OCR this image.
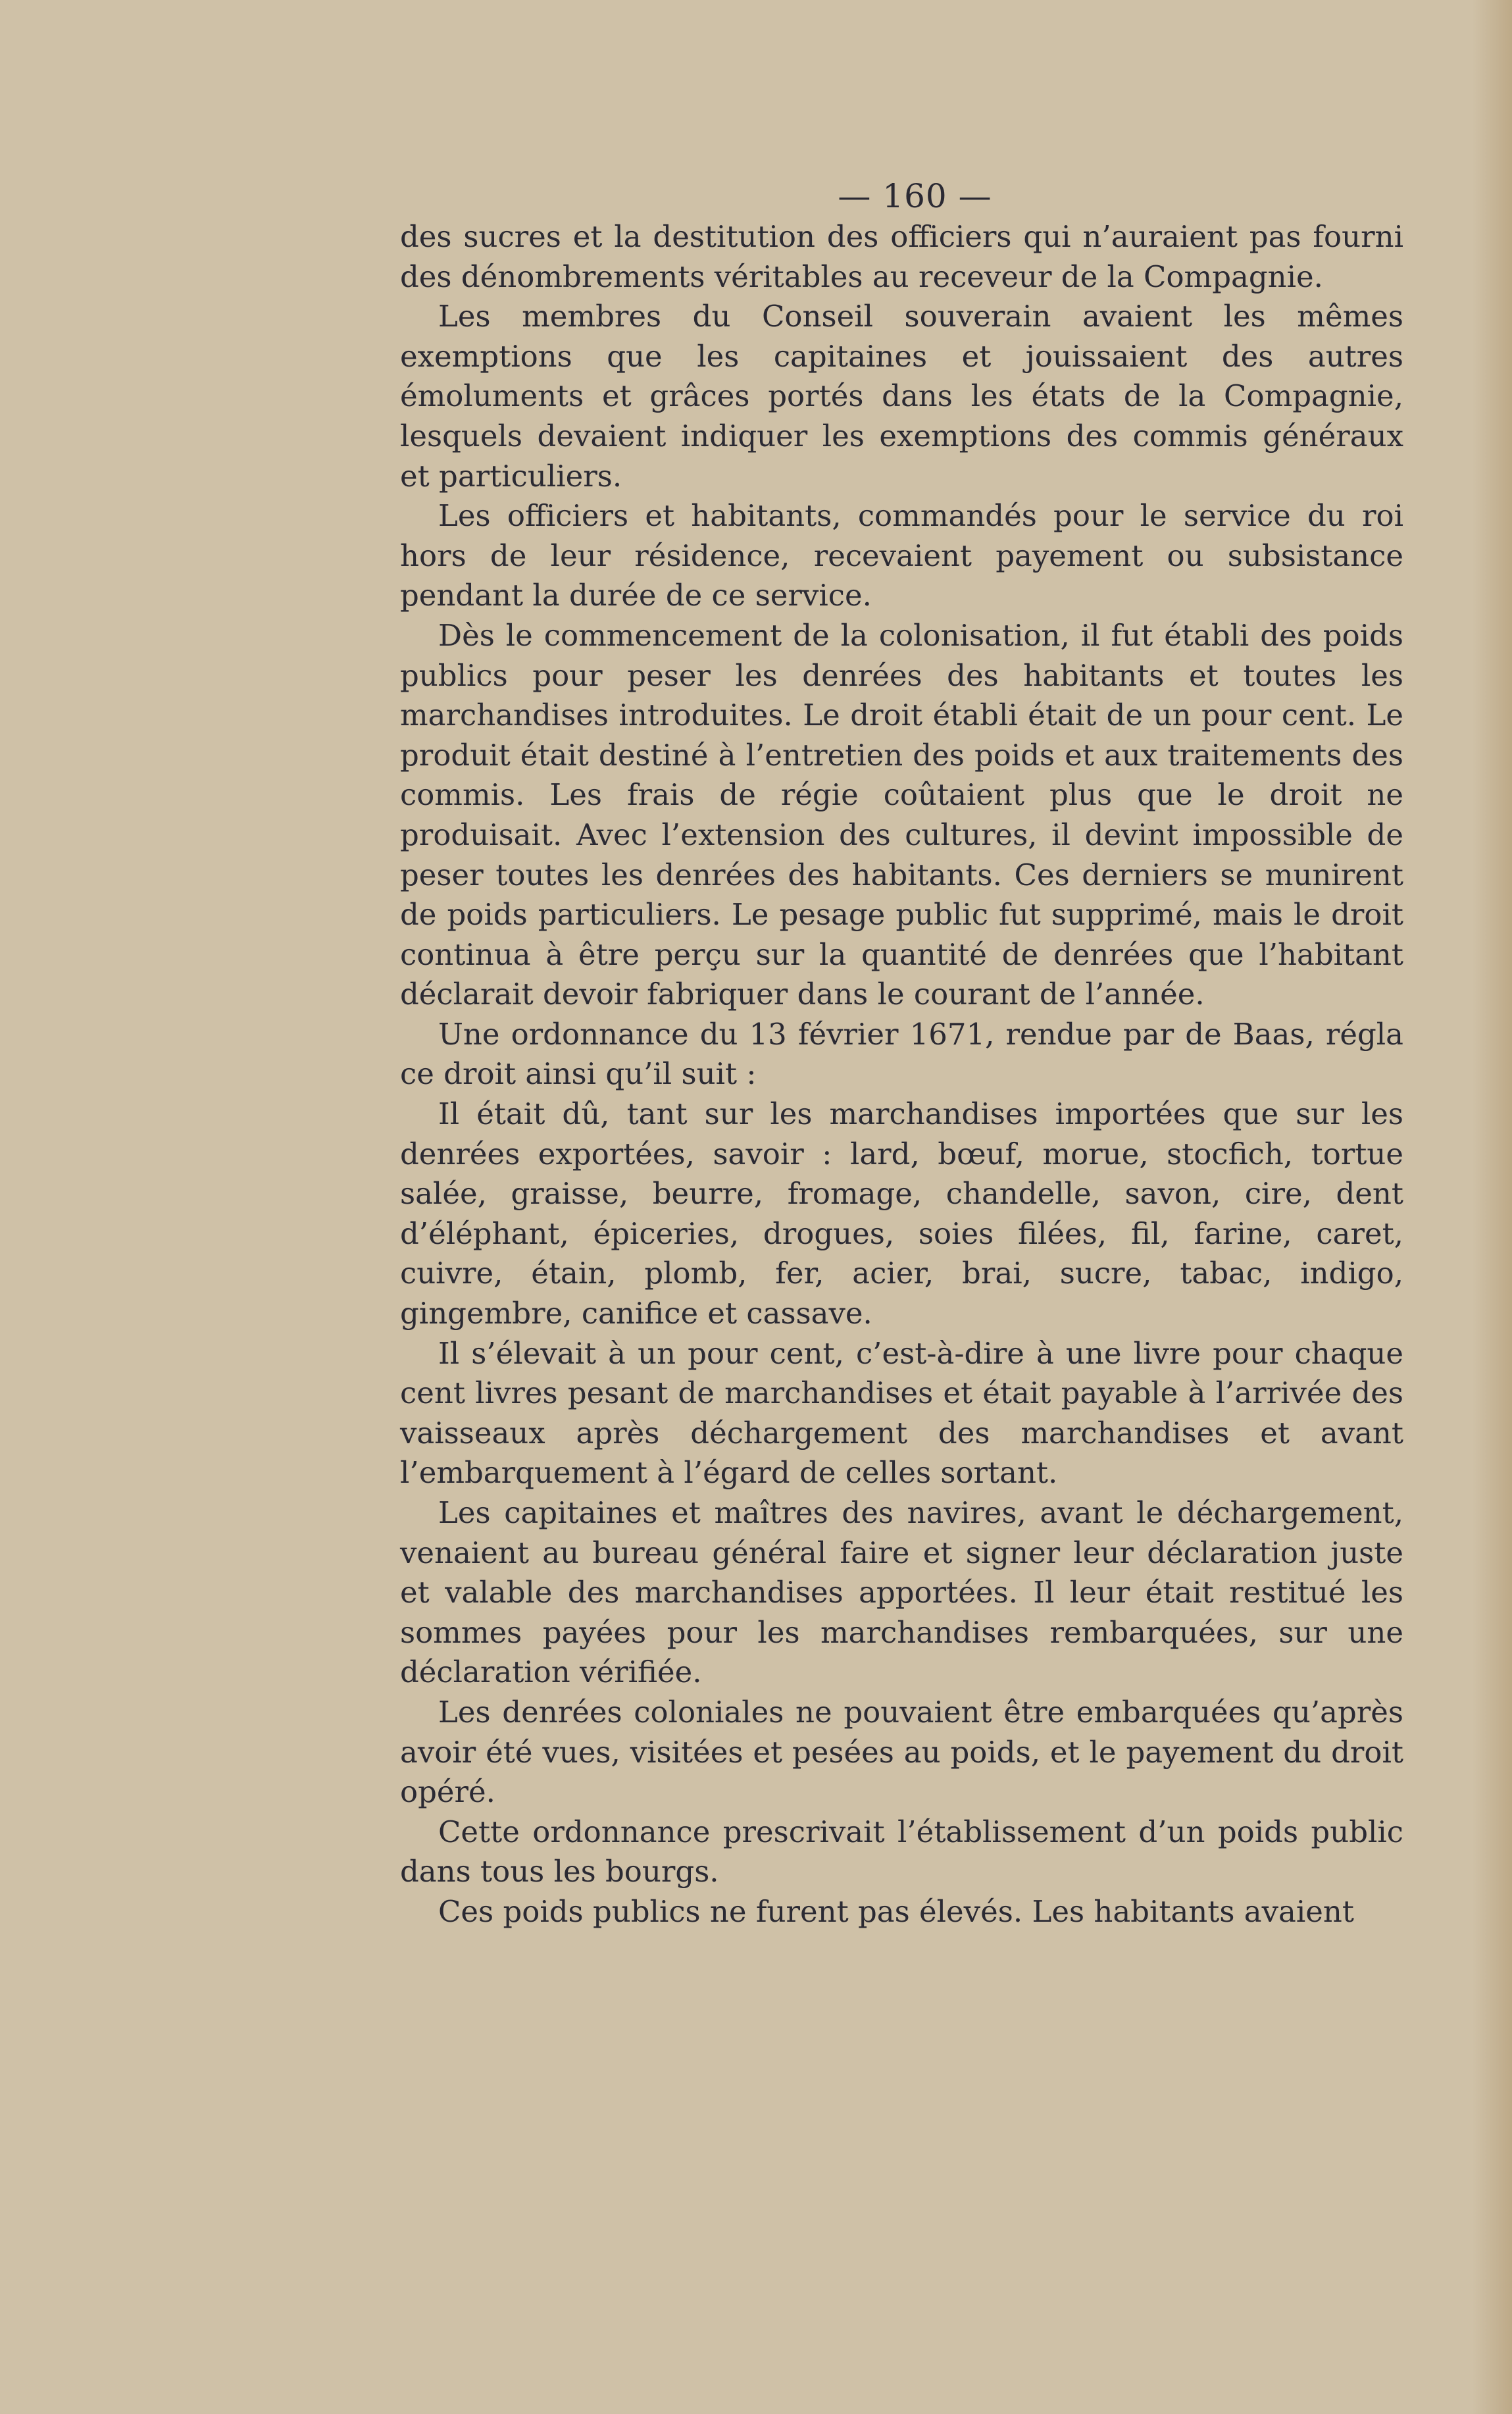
— 160 —

des sucres et la destitution des officiers qui n’auraient pas fourni des dénombrements véritables au receveur de la Compagnie.

Les membres du Conseil souverain avaient les mêmes exemptions que les capitaines et jouissaient des autres émoluments et grâces portés dans les états de la Compagnie, lesquels devaient indiquer les exemptions des commis généraux et particuliers.

Les officiers et habitants, commandés pour le service du roi hors de leur résidence, recevaient payement ou subsistance pendant la durée de ce service.

Dès le commencement de la colonisation, il fut établi des poids publics pour peser les denrées des habitants et toutes les marchandises introduites. Le droit établi était de un pour cent. Le produit était destiné à l’entretien des poids et aux traitements des commis. Les frais de régie coûtaient plus que le droit ne produisait. Avec l’extension des cultures, il devint impossible de peser toutes les denrées des habitants. Ces derniers se munirent de poids particuliers. Le pesage public fut supprimé, mais le droit continua à être perçu sur la quantité de denrées que l’habitant déclarait devoir fabriquer dans le courant de l’année.

Une ordonnance du 13 février 1671, rendue par de Baas, régla ce droit ainsi qu’il suit :

Il était dû, tant sur les marchandises importées que sur les denrées exportées, savoir : lard, bœuf, morue, stocfich, tortue salée, graisse, beurre, fromage, chandelle, savon, cire, dent d’éléphant, épiceries, drogues, soies filées, fil, farine, caret, cuivre, étain, plomb, fer, acier, brai, sucre, tabac, indigo, gingembre, canifice et cassave.

Il s’élevait à un pour cent, c’est-à-dire à une livre pour chaque cent livres pesant de marchandises et était payable à l’arrivée des vaisseaux après déchargement des marchandises et avant l’embarquement à l’égard de celles sortant.

Les capitaines et maîtres des navires, avant le déchargement, venaient au bureau général faire et signer leur déclaration juste et valable des marchandises apportées. Il leur était restitué les sommes payées pour les marchandises rembarquées, sur une déclaration vérifiée.

Les denrées coloniales ne pouvaient être embarquées qu’après avoir été vues, visitées et pesées au poids, et le payement du droit opéré.

Cette ordonnance prescrivait l’établissement d’un poids public dans tous les bourgs.

Ces poids publics ne furent pas élevés. Les habitants avaient
